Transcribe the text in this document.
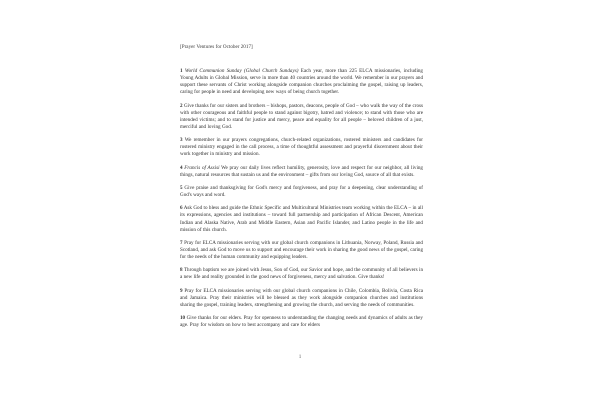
[Prayer Ventures for October 2017]
1 World Communion Sunday (Global Church Sundays) Each year, more than 225 ELCA missionaries, including Young Adults in Global Mission, serve in more than 40 countries around the world. We remember in our prayers and support these servants of Christ working alongside companion churches proclaiming the gospel, raising up leaders, caring for people in need and developing new ways of being church together.
2 Give thanks for our sisters and brothers – bishops, pastors, deacons, people of God – who walk the way of the cross with other courageous and faithful people to stand against bigotry, hatred and violence; to stand with those who are intended victims; and to stand for justice and mercy, peace and equality for all people – beloved children of a just, merciful and loving God.
3 We remember in our prayers congregations, church-related organizations, rostered ministers and candidates for rostered ministry engaged in the call process, a time of thoughtful assessment and prayerful discernment about their work together in ministry and mission.
4 Francis of Assisi We pray our daily lives reflect humility, generosity, love and respect for our neighbor, all living things, natural resources that sustain us and the environment – gifts from our loving God, source of all that exists.
5 Give praise and thanksgiving for God's mercy and forgiveness, and pray for a deepening, clear understanding of God's ways and word.
6 Ask God to bless and guide the Ethnic Specific and Multicultural Ministries team working within the ELCA – in all its expressions, agencies and institutions – toward full partnership and participation of African Descent, American Indian and Alaska Native, Arab and Middle Eastern, Asian and Pacific Islander, and Latino people in the life and mission of this church.
7 Pray for ELCA missionaries serving with our global church companions in Lithuania, Norway, Poland, Russia and Scotland, and ask God to move us to support and encourage their work in sharing the good news of the gospel, caring for the needs of the human community and equipping leaders.
8 Through baptism we are joined with Jesus, Son of God, our Savior and hope, and the community of all believers in a new life and reality grounded in the good news of forgiveness, mercy and salvation. Give thanks!
9 Pray for ELCA missionaries serving with our global church companions in Chile, Colombia, Bolivia, Costa Rica and Jamaica. Pray their ministries will be blessed as they work alongside companion churches and institutions sharing the gospel, training leaders, strengthening and growing the church, and serving the needs of communities.
10 Give thanks for our elders. Pray for openness to understanding the changing needs and dynamics of adults as they age. Pray for wisdom on how to best accompany and care for elders
1
